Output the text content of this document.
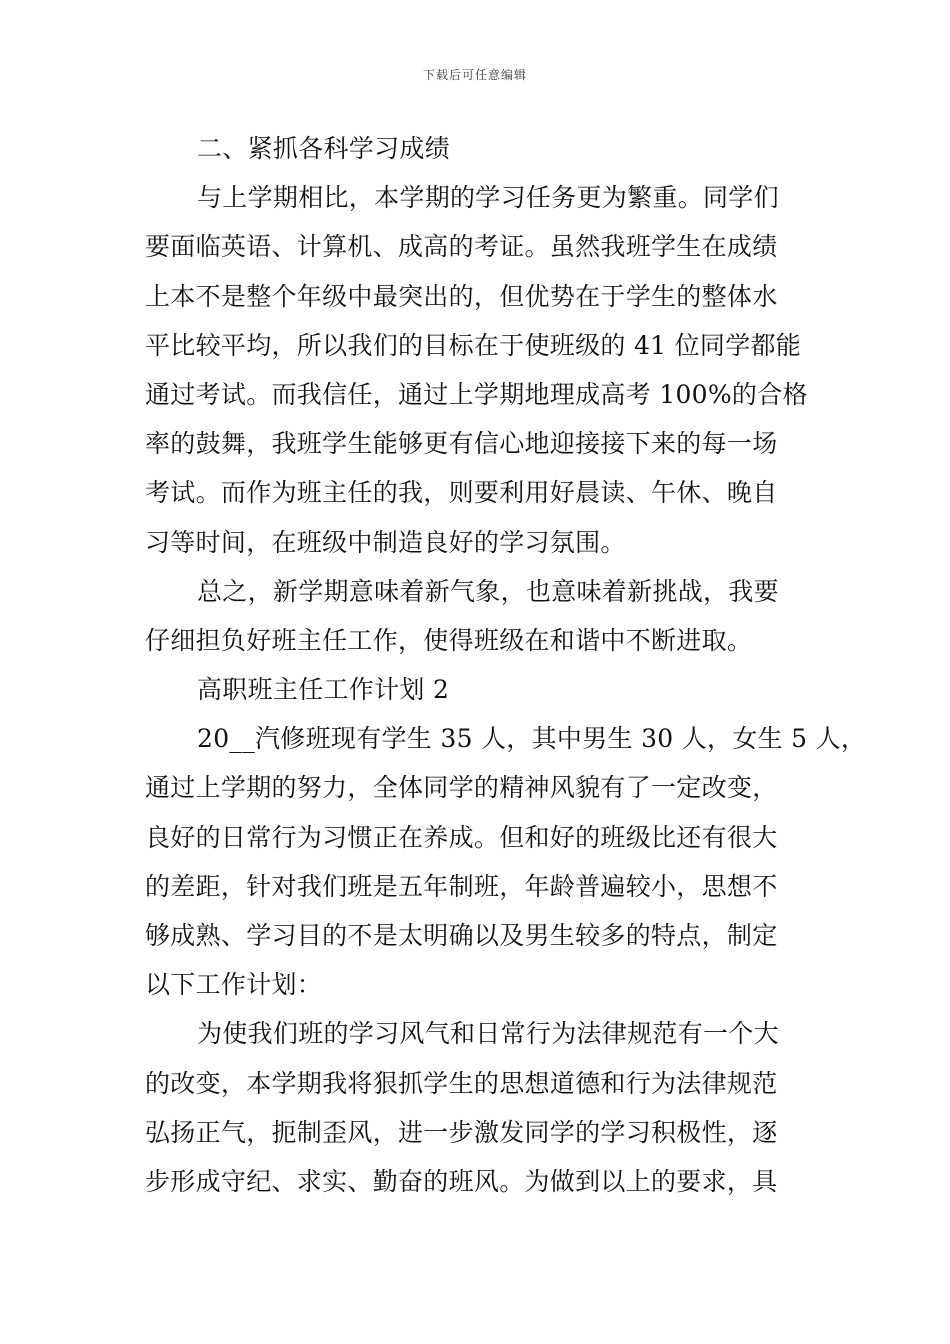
下载后可任意编辑
二、紧抓各科学习成绩
与上学期相比，本学期的学习任务更为繁重。同学们
要面临英语、计算机、成高的考证。虽然我班学生在成绩
上本不是整个年级中最突出的，但优势在于学生的整体水
平比较平均，所以我们的目标在于使班级的 41 位同学都能
通过考试。而我信任，通过上学期地理成高考 100%的合格
率的鼓舞，我班学生能够更有信心地迎接接下来的每一场
考试。而作为班主任的我，则要利用好晨读、午休、晚自
习等时间，在班级中制造良好的学习氛围。
总之，新学期意味着新气象，也意味着新挑战，我要
仔细担负好班主任工作，使得班级在和谐中不断进取。
高职班主任工作计划 2
20__汽修班现有学生 35 人，其中男生 30 人，女生 5 人，
通过上学期的努力，全体同学的精神风貌有了一定改变，
良好的日常行为习惯正在养成。但和好的班级比还有很大
的差距，针对我们班是五年制班，年龄普遍较小，思想不
够成熟、学习目的不是太明确以及男生较多的特点，制定
以下工作计划：
为使我们班的学习风气和日常行为法律规范有一个大
的改变，本学期我将狠抓学生的思想道德和行为法律规范
弘扬正气，扼制歪风，进一步激发同学的学习积极性，逐
步形成守纪、求实、勤奋的班风。为做到以上的要求，具
